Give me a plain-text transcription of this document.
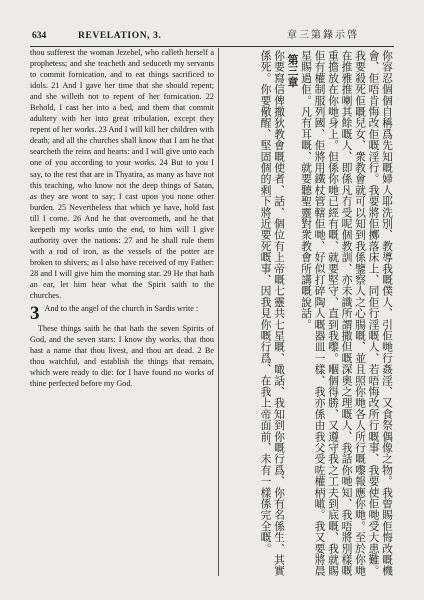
634	REVELATION, 3.	章三第錄示啓

thou sufferest the woman Jezebel, who calleth herself a prophetess; and she teacheth and seduceth my servants to commit fornication, and to eat things sacrificed to idols. 21 And I gave her time that she should repent; and she willeth not to repent of her fornication. 22 Behold, I cast her into a bed, and them that commit adultery with her into great tribulation, except they repent of her works. 23 And I will kill her children with death; and all the churches shall know that I am he that searcheth the reins and hearts: and I will give unto each one of you according to your works. 24 But to you I say, to the rest that are in Thyatira, as many as have not this teaching, who know not the deep things of Satan, as they are wont to say; I cast upon you none other burden. 25 Nevertheless that which ye have, hold fast till I come. 26 And he that overcometh, and he that keepeth my works unto the end, to him will I give authority over the nations: 27 and he shall rule them with a rod of iron, as the vessels of the potter are broken to shivers; as I also have received of my Father: 28 and I will give him the morning star. 29 He that hath an ear, let him hear what the Spirit saith to the churches.

3 And to the angel of the church in Sardis write :

These things saith he that hath the seven Spirits of God, and the seven stars: I know thy works, that thou hast a name that thou livest, and thou art dead. 2 Be thou watchful, and establish the things that remain, which were ready to die: for I have found no works of thine perfected before my God.	你容忍個個自稱爲先知嘅婦人耶洗別、教導我嘅僕人、引佢哋行姦淫、又食祭偶像之物。我曾賜佢悔改嘅機會、佢唔肯悔改佢嘅淫行。我要將佢擲落床上、同佢行淫嘅人、若唔悔改所行嘅事、我要使佢哋受大患難。我要殺死佢嘅兒女、衆教會就可以知到我係鑒察人之心腸嘅、並且照你哋各人所行嘅嚟報應你哋。至於你哋在推雅推喇其餘嘅人、即係凡冇受呢個教訓、亦未識所謂撒但嘅深奧之理嘅人、我話你哋知、我唔將別樣嘅重擔放在你哋身上。但係你哋已經有嘅、就要堅守、直到我嚟。嗰個得勝、又遵守我之工夫到底嘅、我就賜佢有權制服列國、佢將用鐵杖管轄佢哋、好似打碎陶人嘅器皿一樣、我亦係由我父受咗權柄噉。我又要將晨星賜過佢。凡有耳嘅、就要聽聖靈對衆教會所講嘅說話。

第三章

你要寫信俾撒狄教會嘅使者、話、個位有上帝嘅七靈共七星嘅、噉話、我知到你嘅行爲、你有名係生、其實係死。你要儆醒、堅固個的剩下將近要死嘅事、因我見你嘅行爲、在我上帝面前、未有一樣係完全嘅。
